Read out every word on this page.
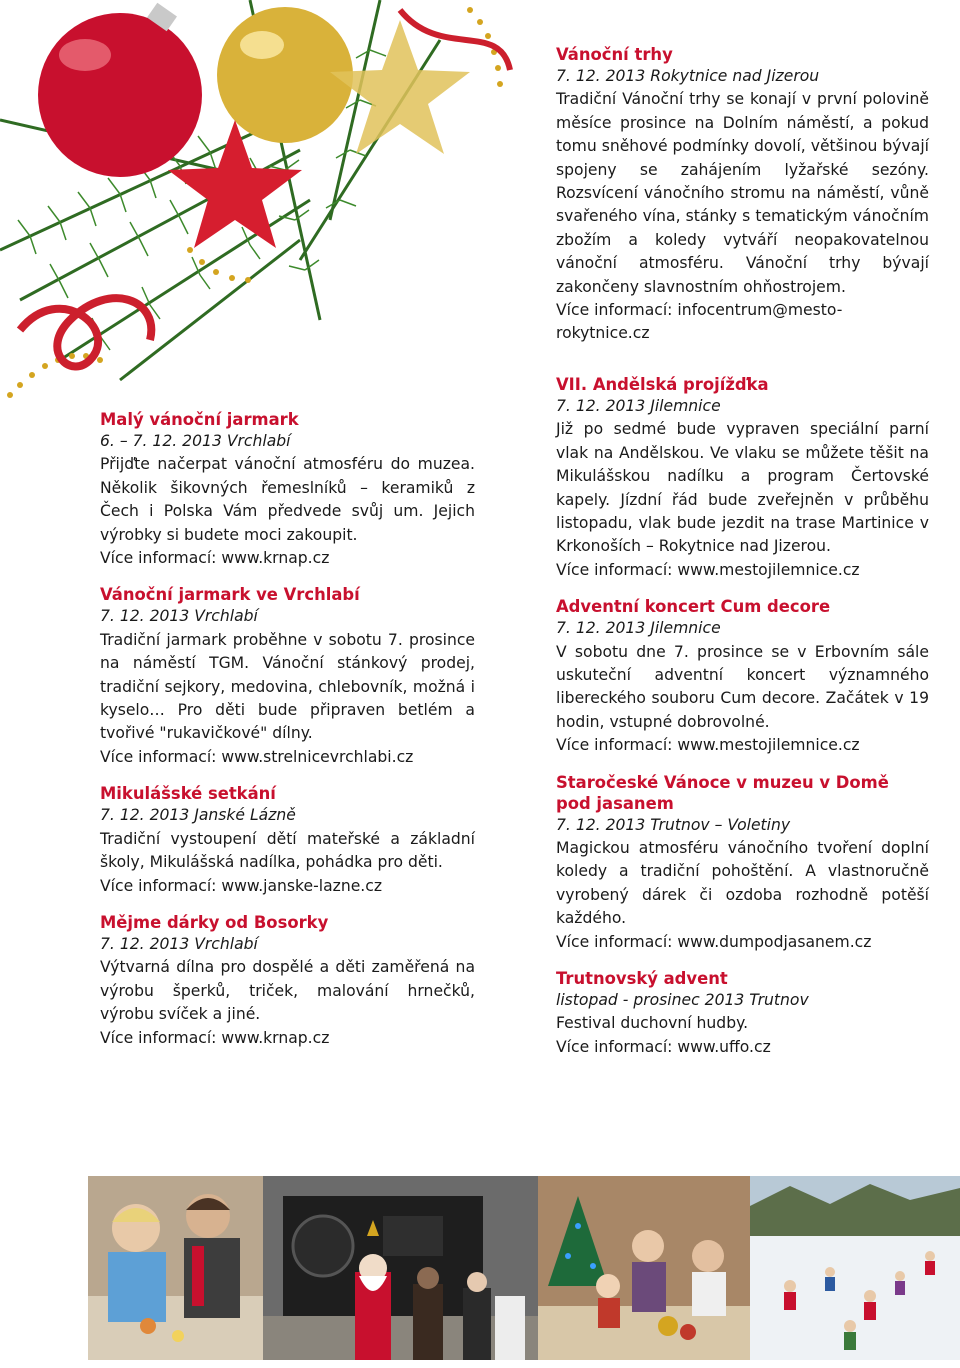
Vánoční trhy
7. 12. 2013 Rokytnice nad Jizerou
Tradiční Vánoční trhy se konají v první polovině měsíce prosince na Dolním náměstí, a pokud tomu sněhové podmínky dovolí, většinou bývají spojeny se zahájením lyžařské sezóny. Rozsvícení vánočního stromu na náměstí, vůně svařeného vína, stánky s tematickým vánočním zbožím a koledy vytváří neopakovatelnou vánoční atmosféru. Vánoční trhy bývají zakončeny slavnostním ohňostrojem.
Více informací: infocentrum@mesto-rokytnice.cz
VII. Andělská projížďka
7. 12. 2013 Jilemnice
Již po sedmé bude vypraven speciální parní vlak na Andělskou. Ve vlaku se můžete těšit na Mikulášskou nadílku a program Čertovské kapely. Jízdní řád bude zveřejněn v průběhu listopadu, vlak bude jezdit na trase Martinice v Krkonoších – Rokytnice nad Jizerou.
Více informací: www.mestojilemnice.cz
Adventní koncert Cum decore
7. 12. 2013 Jilemnice
V sobotu dne 7. prosince se v Erbovním sále uskuteční adventní koncert významného libereckého souboru Cum decore. Začátek v 19 hodin, vstupné dobrovolné.
Více informací: www.mestojilemnice.cz
Staročeské Vánoce v muzeu v Domě pod jasanem
7. 12. 2013 Trutnov – Voletiny
Magickou atmosféru vánočního tvoření doplní koledy a tradiční pohoštění. A vlastnoručně vyrobený dárek či ozdoba rozhodně potěší každého.
Více informací: www.dumpodjasanem.cz
Trutnovský advent
listopad - prosinec 2013 Trutnov
Festival duchovní hudby.
Více informací: www.uffo.cz
Malý vánoční jarmark
6. – 7. 12. 2013 Vrchlabí
Přijďte načerpat vánoční atmosféru do muzea. Několik šikovných řemeslníků – keramiků z Čech i Polska Vám předvede svůj um. Jejich výrobky si budete moci zakoupit.
Více informací: www.krnap.cz
Vánoční jarmark ve Vrchlabí
7. 12. 2013 Vrchlabí
Tradiční jarmark proběhne v sobotu 7. prosince na náměstí TGM. Vánoční stánkový prodej, tradiční sejkory, medovina, chlebovník, možná i kyselo… Pro děti bude připraven betlém a tvořivé "rukavičkové" dílny.
Více informací: www.strelnicevrchlabi.cz
Mikulášské setkání
7. 12. 2013 Janské Lázně
Tradiční vystoupení dětí mateřské a základní školy, Mikulášská nadílka, pohádka pro děti.
Více informací: www.janske-lazne.cz
Mějme dárky od Bosorky
7. 12. 2013 Vrchlabí
Výtvarná dílna pro dospělé a děti zaměřená na výrobu šperků, triček, malování hrnečků, výrobu svíček a jiné.
Více informací: www.krnap.cz
